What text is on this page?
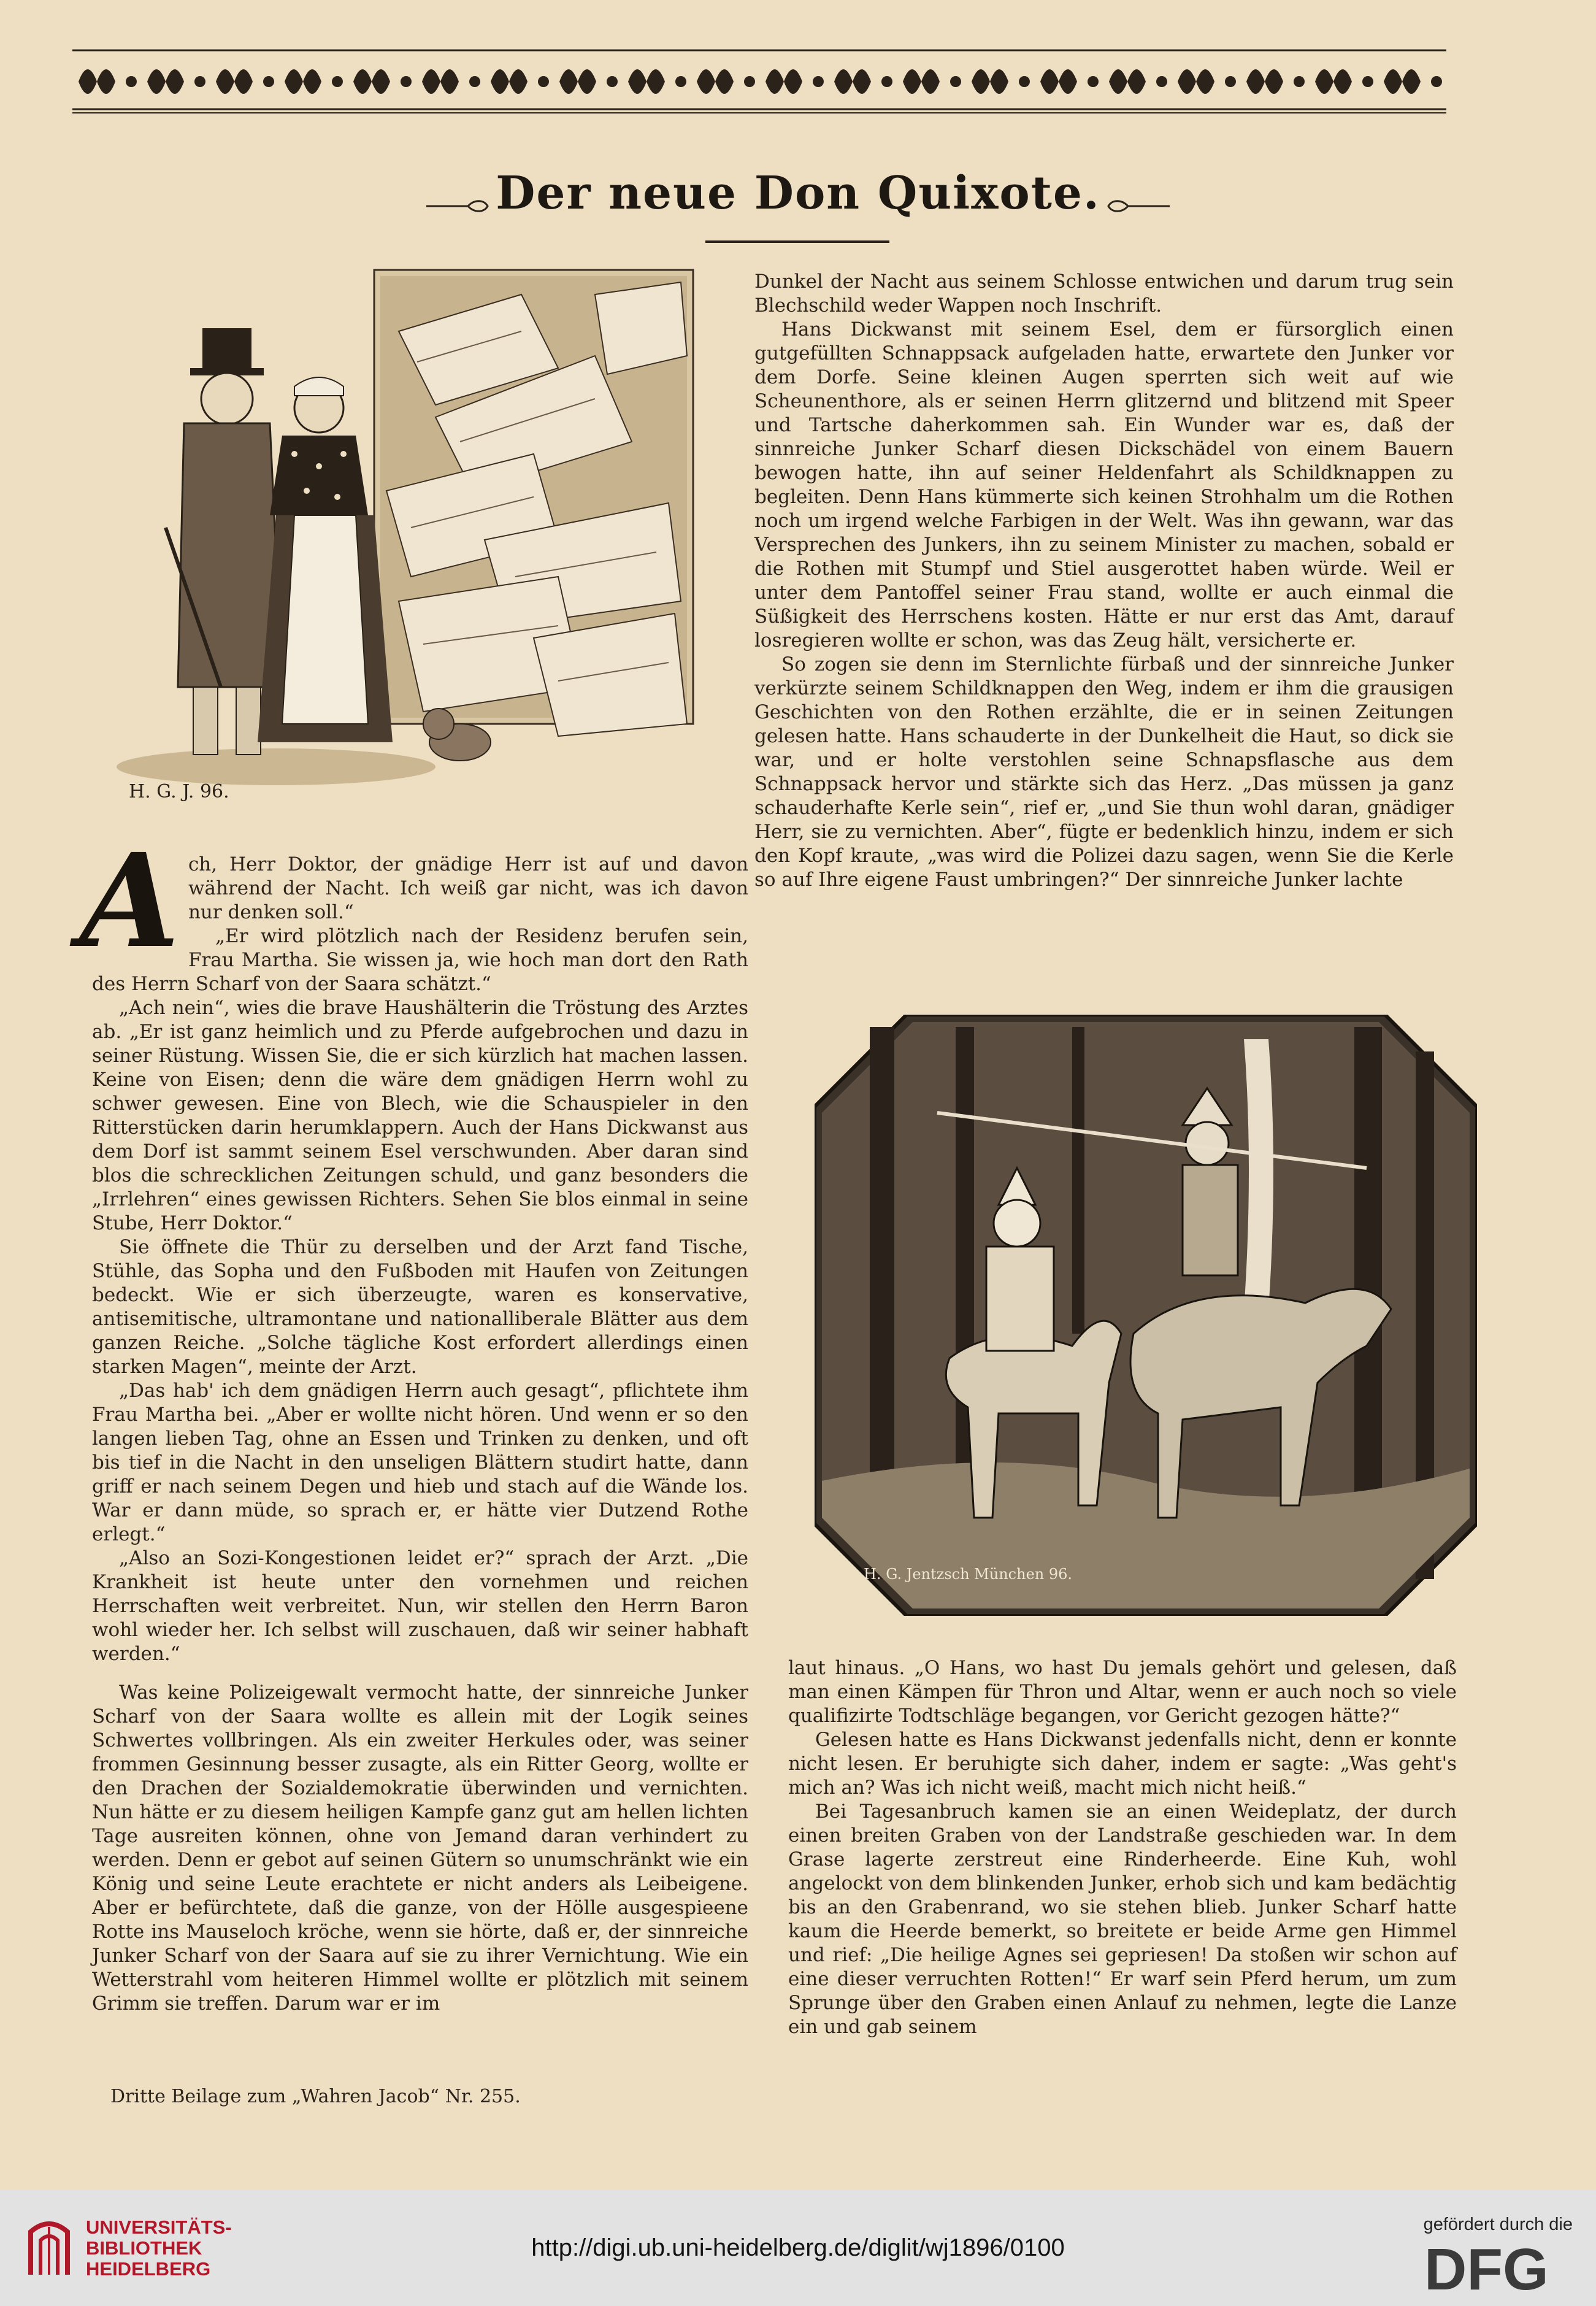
Der neue Don Quixote.
H. G. J. 96.
A ch, Herr Doktor, der gnädige Herr ist auf und davon während der Nacht. Ich weiß gar nicht, was ich davon nur denken soll.“

„Er wird plötzlich nach der Residenz berufen sein, Frau Martha. Sie wissen ja, wie hoch man dort den Rath des Herrn Scharf von der Saara schätzt.“

„Ach nein“, wies die brave Haushälterin die Tröstung des Arztes ab. „Er ist ganz heimlich und zu Pferde aufgebrochen und dazu in seiner Rüstung. Wissen Sie, die er sich kürzlich hat machen lassen. Keine von Eisen; denn die wäre dem gnädigen Herrn wohl zu schwer gewesen. Eine von Blech, wie die Schauspieler in den Ritterstücken darin herumklappern. Auch der Hans Dickwanst aus dem Dorf ist sammt seinem Esel verschwunden. Aber daran sind blos die schrecklichen Zeitungen schuld, und ganz besonders die „Irrlehren“ eines gewissen Richters. Sehen Sie blos einmal in seine Stube, Herr Doktor.“

Sie öffnete die Thür zu derselben und der Arzt fand Tische, Stühle, das Sopha und den Fußboden mit Haufen von Zeitungen bedeckt. Wie er sich überzeugte, waren es konservative, antisemitische, ultramontane und nationalliberale Blätter aus dem ganzen Reiche. „Solche tägliche Kost erfordert allerdings einen starken Magen“, meinte der Arzt.

„Das hab' ich dem gnädigen Herrn auch gesagt“, pflichtete ihm Frau Martha bei. „Aber er wollte nicht hören. Und wenn er so den langen lieben Tag, ohne an Essen und Trinken zu denken, und oft bis tief in die Nacht in den unseligen Blättern studirt hatte, dann griff er nach seinem Degen und hieb und stach auf die Wände los. War er dann müde, so sprach er, er hätte vier Dutzend Rothe erlegt.“

„Also an Sozi-Kongestionen leidet er?“ sprach der Arzt. „Die Krankheit ist heute unter den vornehmen und reichen Herrschaften weit verbreitet. Nun, wir stellen den Herrn Baron wohl wieder her. Ich selbst will zuschauen, daß wir seiner habhaft werden.“

Was keine Polizeigewalt vermocht hatte, der sinnreiche Junker Scharf von der Saara wollte es allein mit der Logik seines Schwertes vollbringen. Als ein zweiter Herkules oder, was seiner frommen Gesinnung besser zusagte, als ein Ritter Georg, wollte er den Drachen der Sozialdemokratie überwinden und vernichten. Nun hätte er zu diesem heiligen Kampfe ganz gut am hellen lichten Tage ausreiten können, ohne von Jemand daran verhindert zu werden. Denn er gebot auf seinen Gütern so unumschränkt wie ein König und seine Leute erachtete er nicht anders als Leibeigene. Aber er befürchtete, daß die ganze, von der Hölle ausgespieene Rotte ins Mauseloch kröche, wenn sie hörte, daß er, der sinnreiche Junker Scharf von der Saara auf sie zu ihrer Vernichtung. Wie ein Wetterstrahl vom heiteren Himmel wollte er plötzlich mit seinem Grimm sie treffen. Darum war er im

Dunkel der Nacht aus seinem Schlosse entwichen und darum trug sein Blechschild weder Wappen noch Inschrift.

Hans Dickwanst mit seinem Esel, dem er fürsorglich einen gutgefüllten Schnappsack aufgeladen hatte, erwartete den Junker vor dem Dorfe. Seine kleinen Augen sperrten sich weit auf wie Scheunenthore, als er seinen Herrn glitzernd und blitzend mit Speer und Tartsche daherkommen sah. Ein Wunder war es, daß der sinnreiche Junker Scharf diesen Dickschädel von einem Bauern bewogen hatte, ihn auf seiner Heldenfahrt als Schildknappen zu begleiten. Denn Hans kümmerte sich keinen Strohhalm um die Rothen noch um irgend welche Farbigen in der Welt. Was ihn gewann, war das Versprechen des Junkers, ihn zu seinem Minister zu machen, sobald er die Rothen mit Stumpf und Stiel ausgerottet haben würde. Weil er unter dem Pantoffel seiner Frau stand, wollte er auch einmal die Süßigkeit des Herrschens kosten. Hätte er nur erst das Amt, darauf losregieren wollte er schon, was das Zeug hält, versicherte er.

So zogen sie denn im Sternlichte fürbaß und der sinnreiche Junker verkürzte seinem Schildknappen den Weg, indem er ihm die grausigen Geschichten von den Rothen erzählte, die er in seinen Zeitungen gelesen hatte. Hans schauderte in der Dunkelheit die Haut, so dick sie war, und er holte verstohlen seine Schnapsflasche aus dem Schnappsack hervor und stärkte sich das Herz. „Das müssen ja ganz schauderhafte Kerle sein“, rief er, „und Sie thun wohl daran, gnädiger Herr, sie zu vernichten. Aber“, fügte er bedenklich hinzu, indem er sich den Kopf kraute, „was wird die Polizei dazu sagen, wenn Sie die Kerle so auf Ihre eigene Faust umbringen?“ Der sinnreiche Junker lachte

H. G. Jentzsch München 96.

laut hinaus. „O Hans, wo hast Du jemals gehört und gelesen, daß man einen Kämpen für Thron und Altar, wenn er auch noch so viele qualifizirte Todtschläge begangen, vor Gericht gezogen hätte?“

Gelesen hatte es Hans Dickwanst jedenfalls nicht, denn er konnte nicht lesen. Er beruhigte sich daher, indem er sagte: „Was geht's mich an? Was ich nicht weiß, macht mich nicht heiß.“

Bei Tagesanbruch kamen sie an einen Weideplatz, der durch einen breiten Graben von der Landstraße geschieden war. In dem Grase lagerte zerstreut eine Rinderheerde. Eine Kuh, wohl angelockt von dem blinkenden Junker, erhob sich und kam bedächtig bis an den Grabenrand, wo sie stehen blieb. Junker Scharf hatte kaum die Heerde bemerkt, so breitete er beide Arme gen Himmel und rief: „Die heilige Agnes sei gepriesen! Da stoßen wir schon auf eine dieser verruchten Rotten!“ Er warf sein Pferd herum, um zum Sprunge über den Graben einen Anlauf zu nehmen, legte die Lanze ein und gab seinem

Dritte Beilage zum „Wahren Jacob“ Nr. 255.
UNIVERSITÄTS-
BIBLIOTHEK
HEIDELBERG
http://digi.ub.uni-heidelberg.de/diglit/wj1896/0100
gefördert durch die
DFG
